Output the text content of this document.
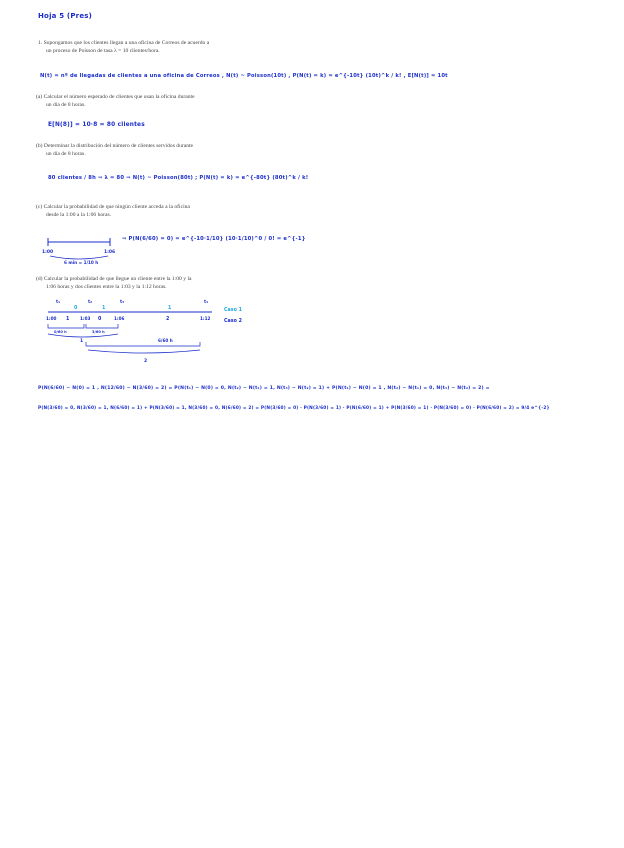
Hoja 5 (Pres)
1. Supongamos que los clientes llegan a una oficina de Correos de acuerdo a
un proceso de Poisson de tasa λ = 10 clientes/hora.
N(t) = nº de llegadas de clientes a una oficina de Correos , N(t) ~ Poisson(10t) , P(N(t) = k) = e^{-10t} (10t)^k / k! , E[N(t)] = 10t
(a) Calcular el número esperado de clientes que usan la oficina durante
un día de 8 horas.
E[N(8)] = 10·8 = 80 clientes
(b) Determinar la distribución del número de clientes servidos durante
un día de 8 horas.
80 clientes / 8h ⇒ λ = 80 ⇒ N(t) ~ Poisson(80t) ; P(N(t) = k) = e^{-80t} (80t)^k / k!
(c) Calcular la probabilidad de que ningún cliente acceda a la oficina
desde la 1:00 a la 1:06 horas.
1:00	1:06
6 min = 1/10 h
⇒ P(N(6/60) = 0) = e^{-10·1/10} (10·1/10)^0 / 0! = e^{-1}
(d) Calcular la probabilidad de que llegue un cliente entre la 1:00 y la
1:06 horas y dos clientes entre la 1:03 y la 1:12 horas.
t₁	t₂	t₃	t₄
0	1	1	Caso 1
1:00	1:03	1:06	1:12
1	0	2	Caso 2
0/60 h	3/60 h
1	6/60 h
2
P(N(6/60) − N(0) = 1 , N(12/60) − N(3/60) = 2) = P(N(t₁) − N(0) = 0, N(t₂) − N(t₁) = 1, N(t₃) − N(t₂) = 1) + P(N(t₁) − N(0) = 1 , N(t₂) − N(t₁) = 0, N(t₃) − N(t₂) = 2) =
P(N(3/60) = 0, N(3/60) = 1, N(6/60) = 1) + P(N(3/60) = 1, N(3/60) = 0, N(6/60) = 2) = P(N(3/60) = 0) · P(N(3/60) = 1) · P(N(6/60) = 1) + P(N(3/60) = 1) · P(N(3/60) = 0) · P(N(6/60) = 2) = 9/4 e^{-2}
